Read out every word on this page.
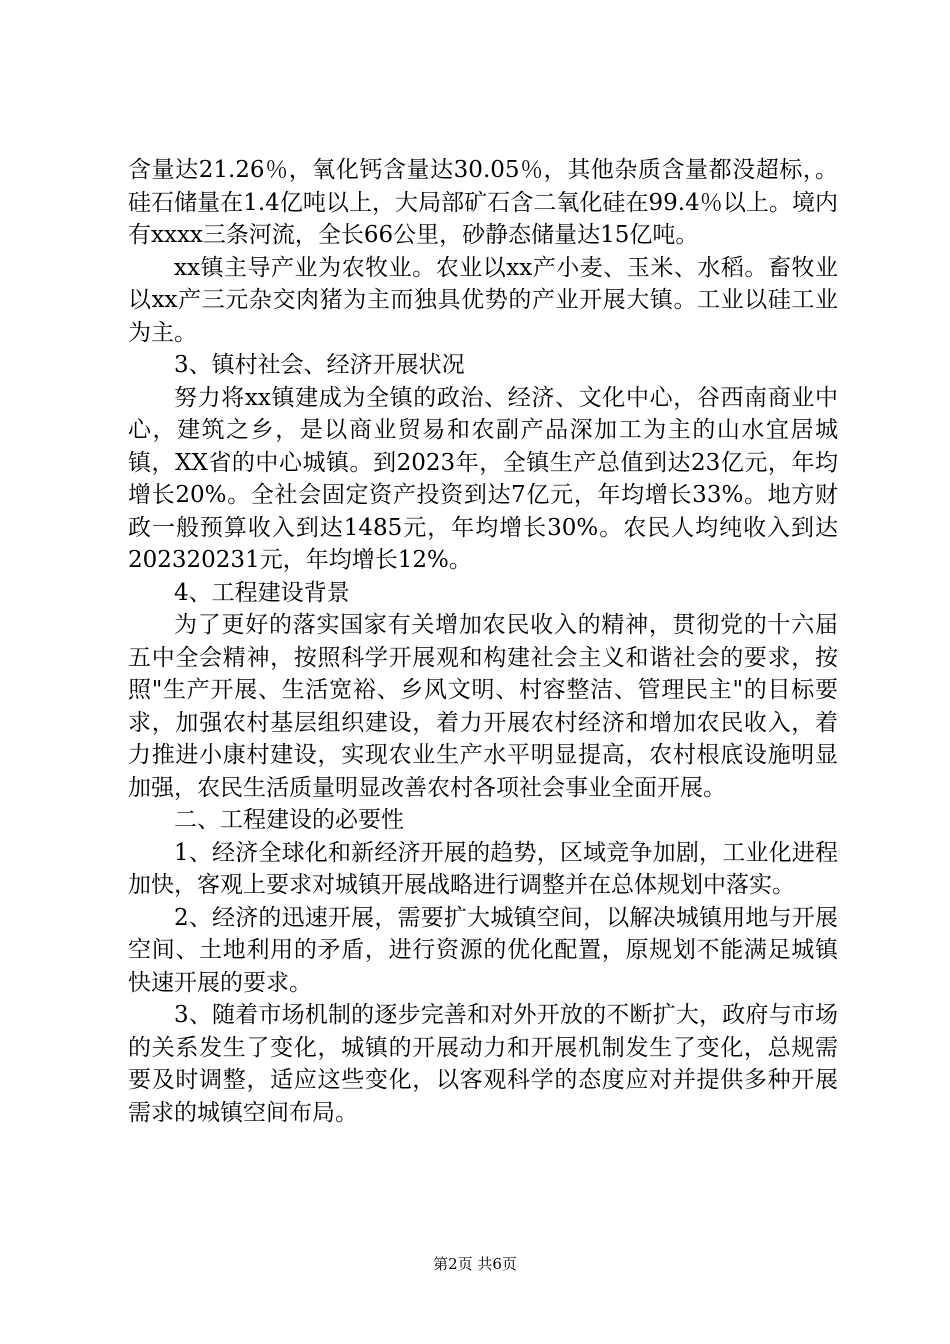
含量达21.26％，氧化钙含量达30.05％，其他杂质含量都没超标，。硅石储量在1.4亿吨以上，大局部矿石含二氧化硅在99.4％以上。境内有xxxx三条河流，全长66公里，砂静态储量达15亿吨。

xx镇主导产业为农牧业。农业以xx产小麦、玉米、水稻。畜牧业以xx产三元杂交肉猪为主而独具优势的产业开展大镇。工业以硅工业为主。

3、镇村社会、经济开展状况

努力将xx镇建成为全镇的政治、经济、文化中心，谷西南商业中心，建筑之乡，是以商业贸易和农副产品深加工为主的山水宜居城镇，XX省的中心城镇。到2023年，全镇生产总值到达23亿元，年均增长20%。全社会固定资产投资到达7亿元，年均增长33%。地方财政一般预算收入到达1485元，年均增长30%。农民人均纯收入到达202320231元，年均增长12%。

4、工程建设背景

为了更好的落实国家有关增加农民收入的精神，贯彻党的十六届五中全会精神，按照科学开展观和构建社会主义和谐社会的要求，按照"生产开展、生活宽裕、乡风文明、村容整洁、管理民主"的目标要求，加强农村基层组织建设，着力开展农村经济和增加农民收入，着力推进小康村建设，实现农业生产水平明显提高，农村根底设施明显加强，农民生活质量明显改善农村各项社会事业全面开展。

二、工程建设的必要性

1、经济全球化和新经济开展的趋势，区域竞争加剧，工业化进程加快，客观上要求对城镇开展战略进行调整并在总体规划中落实。

2、经济的迅速开展，需要扩大城镇空间，以解决城镇用地与开展空间、土地利用的矛盾，进行资源的优化配置，原规划不能满足城镇快速开展的要求。

3、随着市场机制的逐步完善和对外开放的不断扩大，政府与市场的关系发生了变化，城镇的开展动力和开展机制发生了变化，总规需要及时调整，适应这些变化，以客观科学的态度应对并提供多种开展需求的城镇空间布局。

第2页 共6页
